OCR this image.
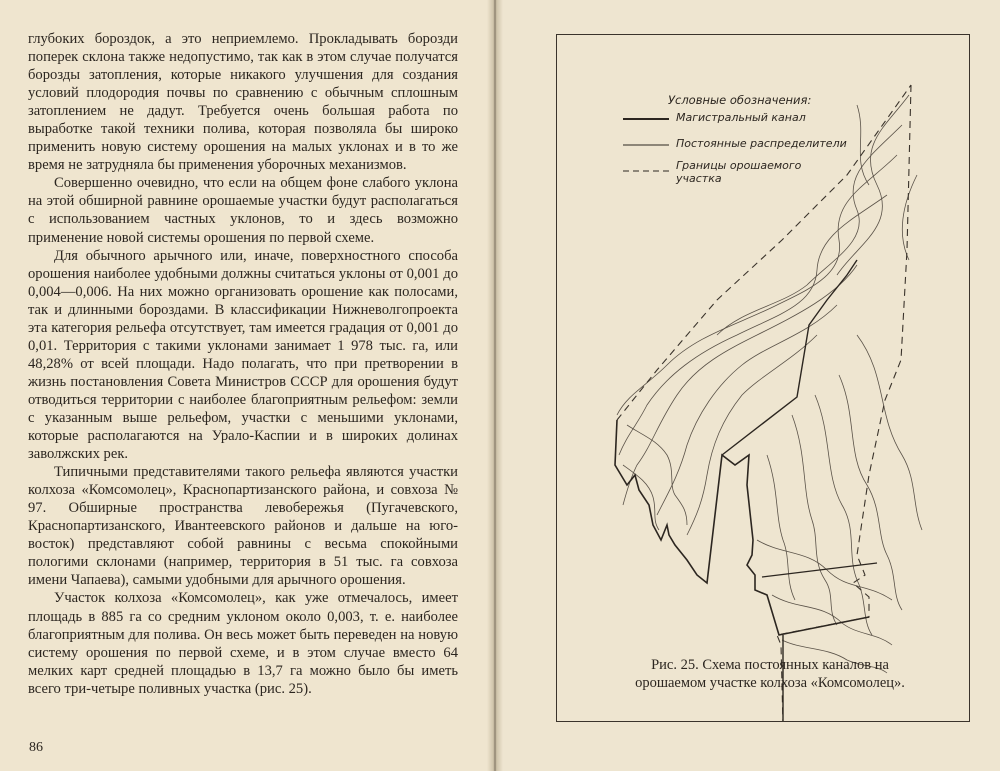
глубоких бороздок, а это неприемлемо. Прокладывать борозди поперек склона также недопустимо, так как в этом случае получатся борозды затопления, которые никакого улучшения для создания условий плодородия почвы по сравнению с обычным сплошным затоплением не дадут. Требуется очень большая работа по выработке такой техники полива, которая позволяла бы широко применить новую систему орошения на малых уклонах и в то же время не затрудняла бы применения уборочных механизмов.

Совершенно очевидно, что если на общем фоне слабого уклона на этой обширной равнине орошаемые участки будут располагаться с использованием частных уклонов, то и здесь возможно применение новой системы орошения по первой схеме.

Для обычного арычного или, иначе, поверхностного способа орошения наиболее удобными должны считаться уклоны от 0,001 до 0,004—0,006. На них можно организовать орошение как полосами, так и длинными бороздами. В классификации Нижневолгопроекта эта категория рельефа отсутствует, там имеется градация от 0,001 до 0,01. Территория с такими уклонами занимает 1 978 тыс. га, или 48,28% от всей площади. Надо полагать, что при претворении в жизнь постановления Совета Министров СССР для орошения будут отводиться территории с наиболее благоприятным рельефом: земли с указанным выше рельефом, участки с меньшими уклонами, которые располагаются на Урало-Каспии и в широких долинах заволжских рек.

Типичными представителями такого рельефа являются участки колхоза «Комсомолец», Краснопартизанского района, и совхоза № 97. Обширные пространства левобережья (Пугачевского, Краснопартизанского, Ивантеевского районов и дальше на юго-восток) представляют собой равнины с весьма спокойными пологими склонами (например, территория в 51 тыс. га совхоза имени Чапаева), самыми удобными для арычного орошения.

Участок колхоза «Комсомолец», как уже отмечалось, имеет площадь в 885 га со средним уклоном около 0,003, т. е. наиболее благоприятным для полива. Он весь может быть переведен на новую систему орошения по первой схеме, и в этом случае вместо 64 мелких карт средней площадью в 13,7 га можно было бы иметь всего три-четыре поливных участка (рис. 25).

86
Условные обозначения:
Магистральный канал
Постоянные распределители
Границы орошаемого участка
Рис. 25. Схема постоянных каналов на
орошаемом участке колхоза «Комсомолец».
